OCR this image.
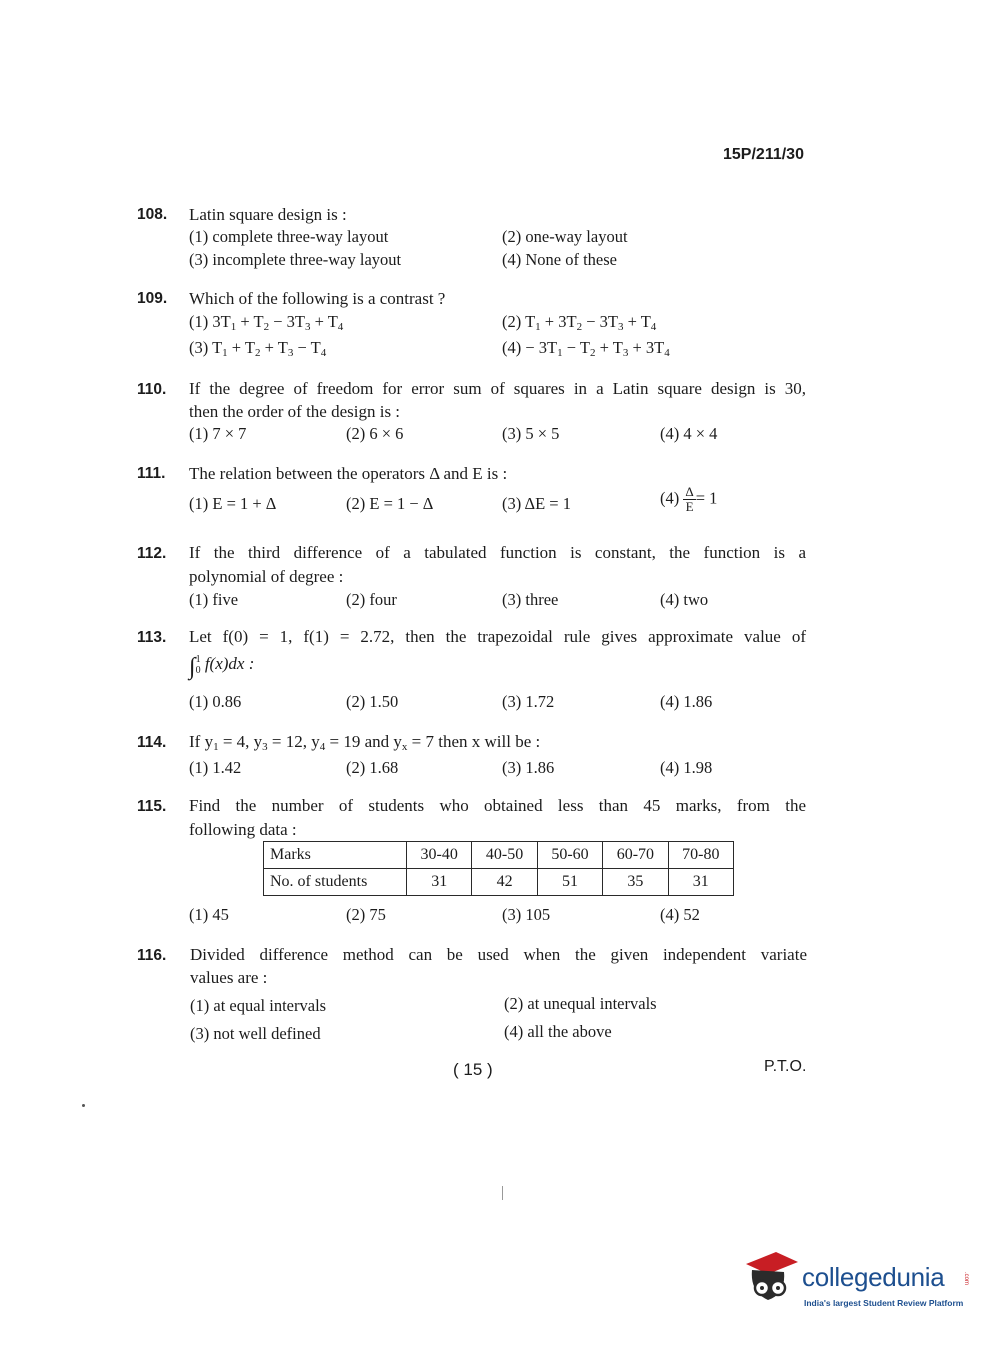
15P/211/30
108. Latin square design is :
(1) complete three-way layout	(2) one-way layout
(3) incomplete three-way layout	(4) None of these
109. Which of the following is a contrast ?
(1) $3T_1 + T_2 - 3T_3 + T_4$	(2) $T_1 + 3T_2 - 3T_3 + T_4$
(3) $T_1 + T_2 + T_3 - T_4$	$(4) - 3T_1 - T_2 + T_3 + 3T_4$
110. If the degree of freedom for error sum of squares in a Latin square design is 30,
then the order of the design is :
(1) 7 × 7	(2) 6 × 6	(3) 5 × 5	(4) 4 × 4
111. The relation between the operators Δ and E is :
(1) E = 1 + Δ	(2) E = 1 − Δ	(3) ΔE = 1	$(4) \frac{\Delta}{E} = 1$
112. If the third difference of a tabulated function is constant, the function is a
polynomial of degree :
(1) five	(2) four	(3) three	(4) two
113. Let f(0) = 1, f(1) = 2.72, then the trapezoidal rule gives approximate value of
∫ 1
0 f(x)dx :
(1) 0.86	(2) 1.50	(3) 1.72	(4) 1.86
114. If $y_1 = 4$, $y_3 = 12$, $y_4 = 19$ and $y_x = 7$ then x will be :
(1) 1.42	(2) 1.68	(3) 1.86	(4) 1.98
115. Find the number of students who obtained less than 45 marks, from the
following data :
Marks	30-40	40-50	50-60	60-70	70-80
No. of students	31	42	51	35	31
(1) 45	(2) 75	(3) 105	(4) 52
116. Divided difference method can be used when the given independent variate
values are :
(1) at equal intervals	(2) at unequal intervals
(3) not well defined	(4) all the above
( 15 )	P.T.O.
collegedunia	.com
India's largest Student Review Platform
